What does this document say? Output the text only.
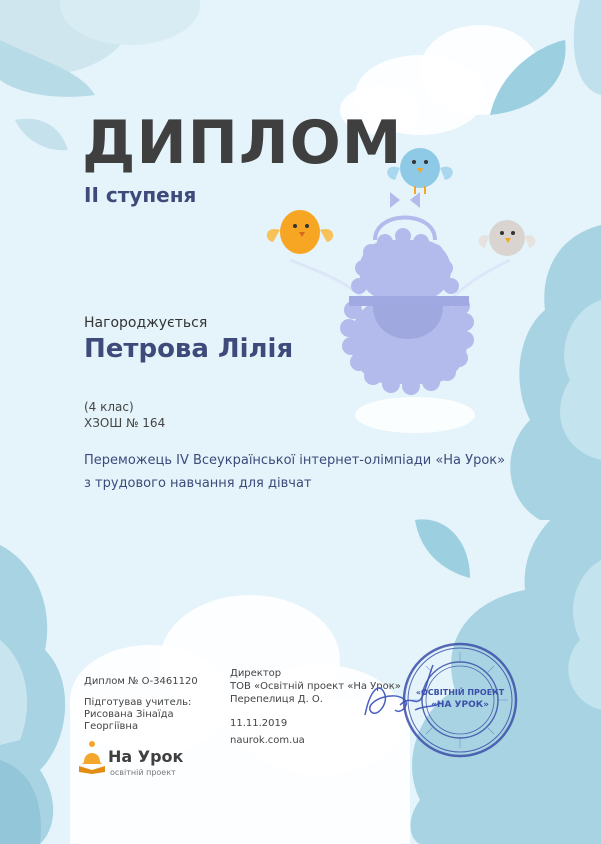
ДИПЛОМ
ІІ ступеня
Нагороджується
Петрова Лілія
(4 клас)
ХЗОШ № 164
Переможець IV Всеукраїнської інтернет-олімпіади «На Урок»
з трудового навчання для дівчат
Диплом № О-3461120
Підготував учитель:
Рисована Зінаїда Георгіївна
Директор
ТОВ «Освітній проект «На Урок»
Перепелиця Д. О.
11.11.2019
naurok.com.ua
На Урок
освітній проект
«ОСВІТНІЙ ПРОЕКТ
«НА УРОК»
